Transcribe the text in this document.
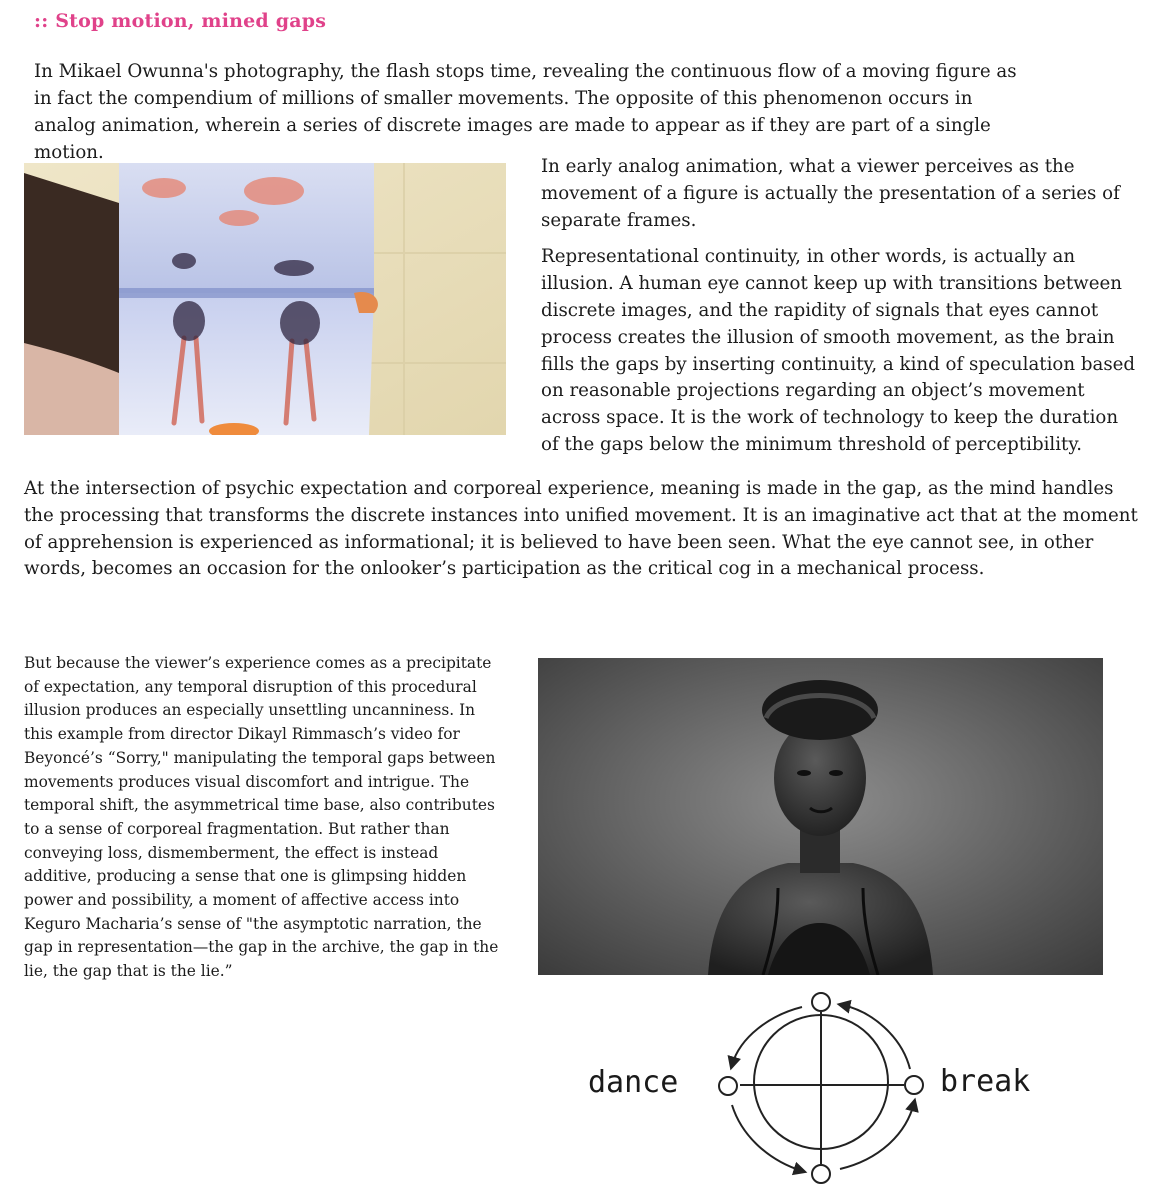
:: Stop motion, mined gaps

In Mikael Owunna's photography, the flash stops time, revealing the continuous flow of a moving figure as in fact the compendium of millions of smaller movements. The opposite of this phenomenon occurs in analog animation, wherein a series of discrete images are made to appear as if they are part of a single motion.

In early analog animation, what a viewer perceives as the movement of a figure is actually the presentation of a series of separate frames.

Representational continuity, in other words, is actually an illusion. A human eye cannot keep up with transitions between discrete images, and the rapidity of signals that eyes cannot process creates the illusion of smooth movement, as the brain fills the gaps by inserting continuity, a kind of speculation based on reasonable projections regarding an object’s movement across space. It is the work of technology to keep the duration of the gaps below the minimum threshold of perceptibility.

At the intersection of psychic expectation and corporeal experience, meaning is made in the gap, as the mind handles the processing that transforms the discrete instances into unified movement. It is an imaginative act that at the moment of apprehension is experienced as informational; it is believed to have been seen. What the eye cannot see, in other words, becomes an occasion for the onlooker’s participation as the critical cog in a mechanical process.

But because the viewer’s experience comes as a precipitate of expectation, any temporal disruption of this procedural illusion produces an especially unsettling uncanniness. In this example from director Dikayl Rimmasch’s video for Beyoncé’s “Sorry," manipulating the temporal gaps between movements produces visual discomfort and intrigue. The temporal shift, the asymmetrical time base, also contributes to a sense of corporeal fragmentation. But rather than conveying loss, dismemberment, the effect is instead additive, producing a sense that one is glimpsing hidden power and possibility, a moment of affective access into Keguro Macharia’s sense of "the asymptotic narration, the gap in representation—the gap in the archive, the gap in the lie, the gap that is the lie.”

dance	break
